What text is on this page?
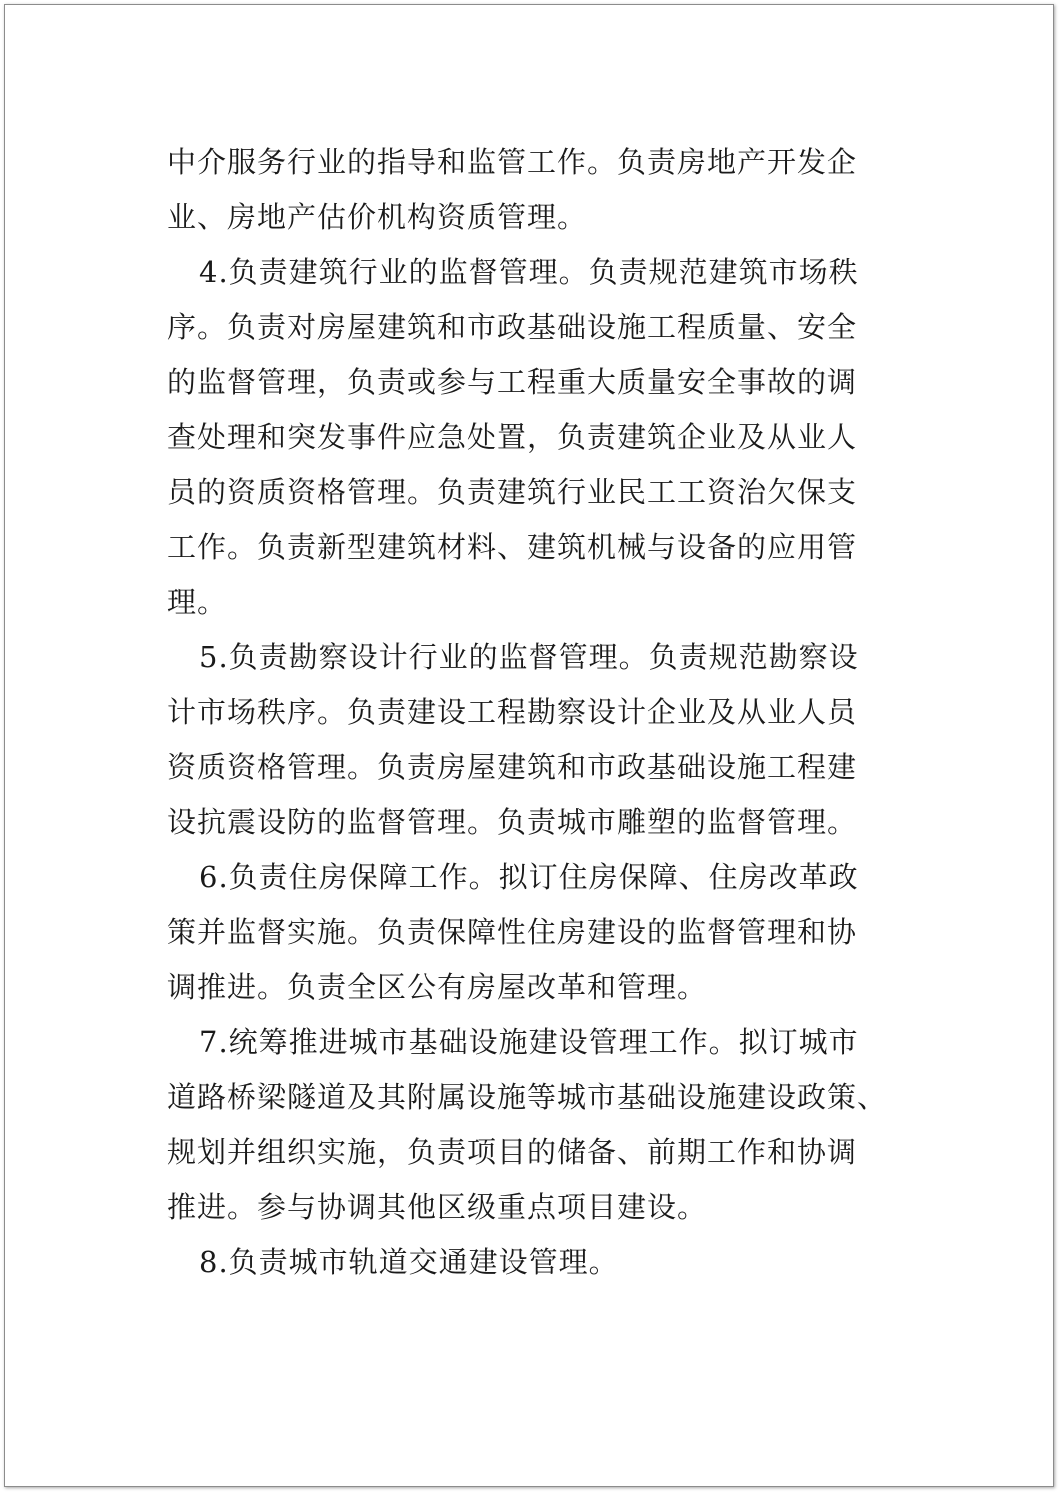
中介服务行业的指导和监管工作。负责房地产开发企
业、房地产估价机构资质管理。

4.负责建筑行业的监督管理。负责规范建筑市场秩
序。负责对房屋建筑和市政基础设施工程质量、安全
的监督管理，负责或参与工程重大质量安全事故的调
查处理和突发事件应急处置，负责建筑企业及从业人
员的资质资格管理。负责建筑行业民工工资治欠保支
工作。负责新型建筑材料、建筑机械与设备的应用管
理。

5.负责勘察设计行业的监督管理。负责规范勘察设
计市场秩序。负责建设工程勘察设计企业及从业人员
资质资格管理。负责房屋建筑和市政基础设施工程建
设抗震设防的监督管理。负责城市雕塑的监督管理。

6.负责住房保障工作。拟订住房保障、住房改革政
策并监督实施。负责保障性住房建设的监督管理和协
调推进。负责全区公有房屋改革和管理。

7.统筹推进城市基础设施建设管理工作。拟订城市
道路桥梁隧道及其附属设施等城市基础设施建设政策、
规划并组织实施，负责项目的储备、前期工作和协调
推进。参与协调其他区级重点项目建设。

8.负责城市轨道交通建设管理。
